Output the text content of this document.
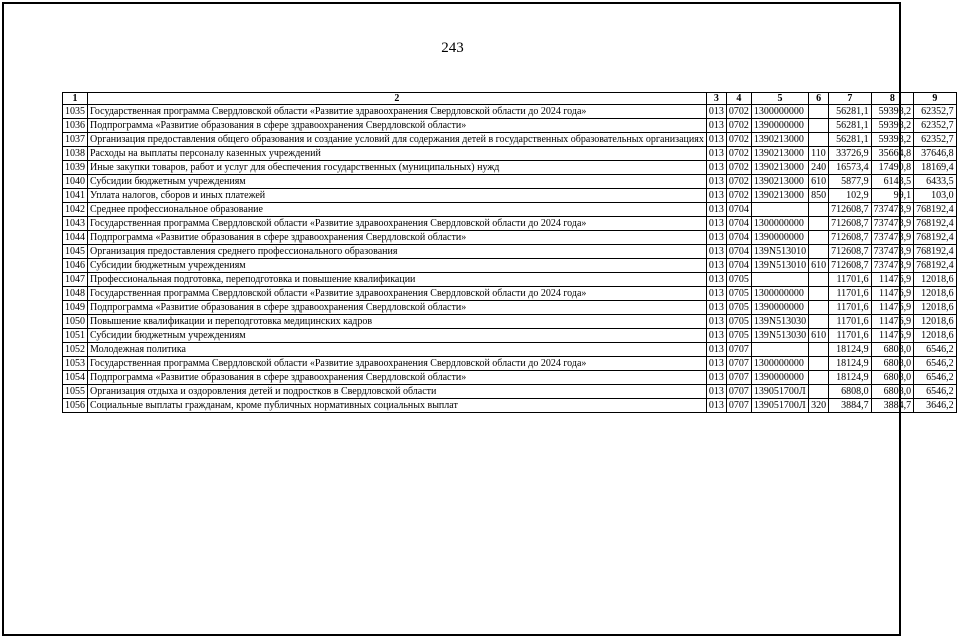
243
1	2	3	4	5	6	7	8	9
1035	Государственная программа Свердловской области «Развитие здравоохранения Свердловской области до 2024 года»	013	0702	1300000000		56281,1	59398,2	62352,7
1036	Подпрограмма «Развитие образования в сфере здравоохранения Свердловской области»	013	0702	1390000000		56281,1	59398,2	62352,7
1037	Организация предоставления общего образования и создание условий для содержания детей в государственных образовательных организациях	013	0702	1390213000		56281,1	59398,2	62352,7
1038	Расходы на выплаты персоналу казенных учреждений	013	0702	1390213000	110	33726,9	35664,8	37646,8
1039	Иные закупки товаров, работ и услуг для обеспечения государственных (муниципальных) нужд	013	0702	1390213000	240	16573,4	17490,8	18169,4
1040	Субсидии бюджетным учреждениям	013	0702	1390213000	610	5877,9	6143,5	6433,5
1041	Уплата налогов, сборов и иных платежей	013	0702	1390213000	850	102,9	99,1	103,0
1042	Среднее профессиональное образование	013	0704			712608,7	737473,9	768192,4
1043	Государственная программа Свердловской области «Развитие здравоохранения Свердловской области до 2024 года»	013	0704	1300000000		712608,7	737473,9	768192,4
1044	Подпрограмма «Развитие образования в сфере здравоохранения Свердловской области»	013	0704	1390000000		712608,7	737473,9	768192,4
1045	Организация предоставления среднего профессионального образования	013	0704	139N513010		712608,7	737473,9	768192,4
1046	Субсидии бюджетным учреждениям	013	0704	139N513010	610	712608,7	737473,9	768192,4
1047	Профессиональная подготовка, переподготовка и повышение квалификации	013	0705			11701,6	11476,9	12018,6
1048	Государственная программа Свердловской области «Развитие здравоохранения Свердловской области до 2024 года»	013	0705	1300000000		11701,6	11476,9	12018,6
1049	Подпрограмма «Развитие образования в сфере здравоохранения Свердловской области»	013	0705	1390000000		11701,6	11476,9	12018,6
1050	Повышение квалификации и переподготовка медицинских кадров	013	0705	139N513030		11701,6	11476,9	12018,6
1051	Субсидии бюджетным учреждениям	013	0705	139N513030	610	11701,6	11476,9	12018,6
1052	Молодежная политика	013	0707			18124,9	6808,0	6546,2
1053	Государственная программа Свердловской области «Развитие здравоохранения Свердловской области до 2024 года»	013	0707	1300000000		18124,9	6808,0	6546,2
1054	Подпрограмма «Развитие образования в сфере здравоохранения Свердловской области»	013	0707	1390000000		18124,9	6808,0	6546,2
1055	Организация отдыха и оздоровления детей и подростков в Свердловской области	013	0707	139051700Л		6808,0	6808,0	6546,2
1056	Социальные выплаты гражданам, кроме публичных нормативных социальных выплат	013	0707	139051700Л	320	3884,7	3884,7	3646,2
